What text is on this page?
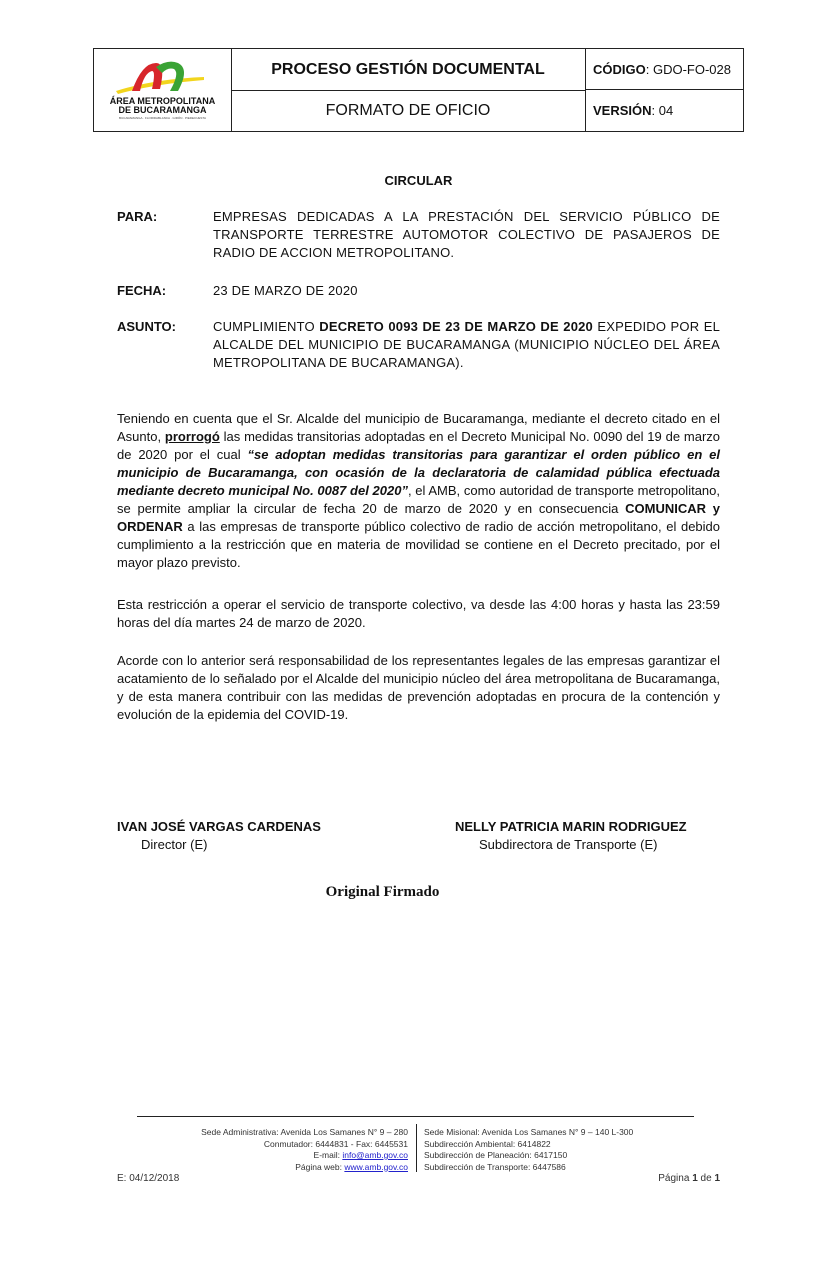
ÁREA METROPOLITANA
DE BUCARAMANGA
BUCARAMANGA · FLORIDABLANCA · GIRÓN · PIEDECUESTA
PROCESO GESTIÓN DOCUMENTAL
FORMATO DE OFICIO
CÓDIGO : GDO-FO-028
VERSIÓN : 04
CIRCULAR
PARA:	EMPRESAS DEDICADAS A LA PRESTACIÓN DEL SERVICIO PÚBLICO DE TRANSPORTE TERRESTRE AUTOMOTOR COLECTIVO DE PASAJEROS DE RADIO DE ACCION METROPOLITANO.
FECHA:	23 DE MARZO DE 2020
ASUNTO:	CUMPLIMIENTO DECRETO 0093 DE 23 DE MARZO DE 2020 EXPEDIDO POR EL ALCALDE DEL MUNICIPIO DE BUCARAMANGA (MUNICIPIO NÚCLEO DEL ÁREA METROPOLITANA DE BUCARAMANGA).
Teniendo en cuenta que el Sr. Alcalde del municipio de Bucaramanga, mediante el decreto citado en el Asunto, prorrogó las medidas transitorias adoptadas en el Decreto Municipal No. 0090 del 19 de marzo de 2020 por el cual “se adoptan medidas transitorias para garantizar el orden público en el municipio de Bucaramanga, con ocasión de la declaratoria de calamidad pública efectuada mediante decreto municipal No. 0087 del 2020”, el AMB, como autoridad de transporte metropolitano, se permite ampliar la circular de fecha 20 de marzo de 2020 y en consecuencia COMUNICAR y ORDENAR a las empresas de transporte público colectivo de radio de acción metropolitano, el debido cumplimiento a la restricción que en materia de movilidad se contiene en el Decreto precitado, por el mayor plazo previsto.
Esta restricción a operar el servicio de transporte colectivo, va desde las 4:00 horas y hasta las 23:59 horas del día martes 24 de marzo de 2020.
Acorde con lo anterior será responsabilidad de los representantes legales de las empresas garantizar el acatamiento de lo señalado por el Alcalde del municipio núcleo del área metropolitana de Bucaramanga, y de esta manera contribuir con las medidas de prevención adoptadas en procura de la contención y evolución de la epidemia del COVID-19.
IVAN JOSÉ VARGAS CARDENAS
Director (E)
NELLY PATRICIA MARIN RODRIGUEZ
Subdirectora de Transporte (E)
Original Firmado
Sede Administrativa: Avenida Los Samanes N° 9 – 280
Conmutador: 6444831 - Fax: 6445531
E-mail: info@amb.gov.co
Página web: www.amb.gov.co
Sede Misional: Avenida Los Samanes N° 9 – 140 L-300
Subdirección Ambiental: 6414822
Subdirección de Planeación: 6417150
Subdirección de Transporte: 6447586
E: 04/12/2018	Página 1 de 1
